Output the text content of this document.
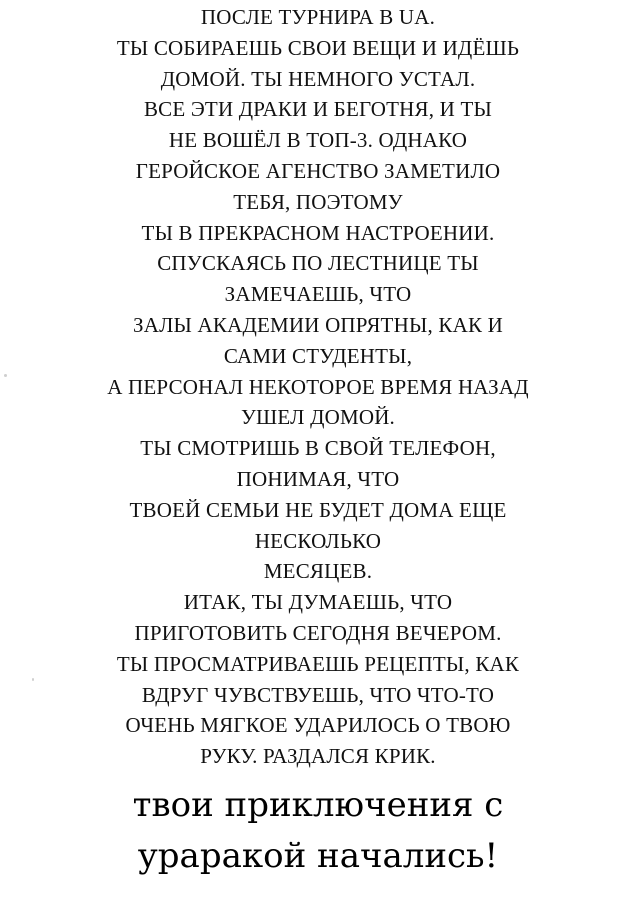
ПОСЛЕ ТУРНИРА В UA.
ТЫ СОБИРАЕШЬ СВОИ ВЕЩИ И ИДЁШЬ
ДОМОЙ. ТЫ НЕМНОГО УСТАЛ.
ВСЕ ЭТИ ДРАКИ И БЕГОТНЯ, И ТЫ
НЕ ВОШЁЛ В ТОП-3. ОДНАКО
ГЕРОЙСКОЕ АГЕНСТВО ЗАМЕТИЛО
ТЕБЯ, ПОЭТОМУ
ТЫ В ПРЕКРАСНОМ НАСТРОЕНИИ.
СПУСКАЯСЬ ПО ЛЕСТНИЦЕ ТЫ
ЗАМЕЧАЕШЬ, ЧТО
ЗАЛЫ АКАДЕМИИ ОПРЯТНЫ, КАК И
САМИ СТУДЕНТЫ,
А ПЕРСОНАЛ НЕКОТОРОЕ ВРЕМЯ НАЗАД
УШЕЛ ДОМОЙ.
ТЫ СМОТРИШЬ В СВОЙ ТЕЛЕФОН,
ПОНИМАЯ, ЧТО
ТВОЕЙ СЕМЬИ НЕ БУДЕТ ДОМА ЕЩЕ
НЕСКОЛЬКО
МЕСЯЦЕВ.
ИТАК, ТЫ ДУМАЕШЬ, ЧТО
ПРИГОТОВИТЬ СЕГОДНЯ ВЕЧЕРОМ.
ТЫ ПРОСМАТРИВАЕШЬ РЕЦЕПТЫ, КАК
ВДРУГ ЧУВСТВУЕШЬ, ЧТО ЧТО-ТО
ОЧЕНЬ МЯГКОЕ УДАРИЛОСЬ О ТВОЮ
РУКУ. РАЗДАЛСЯ КРИК.
твои приключения с
ураракой начались!
